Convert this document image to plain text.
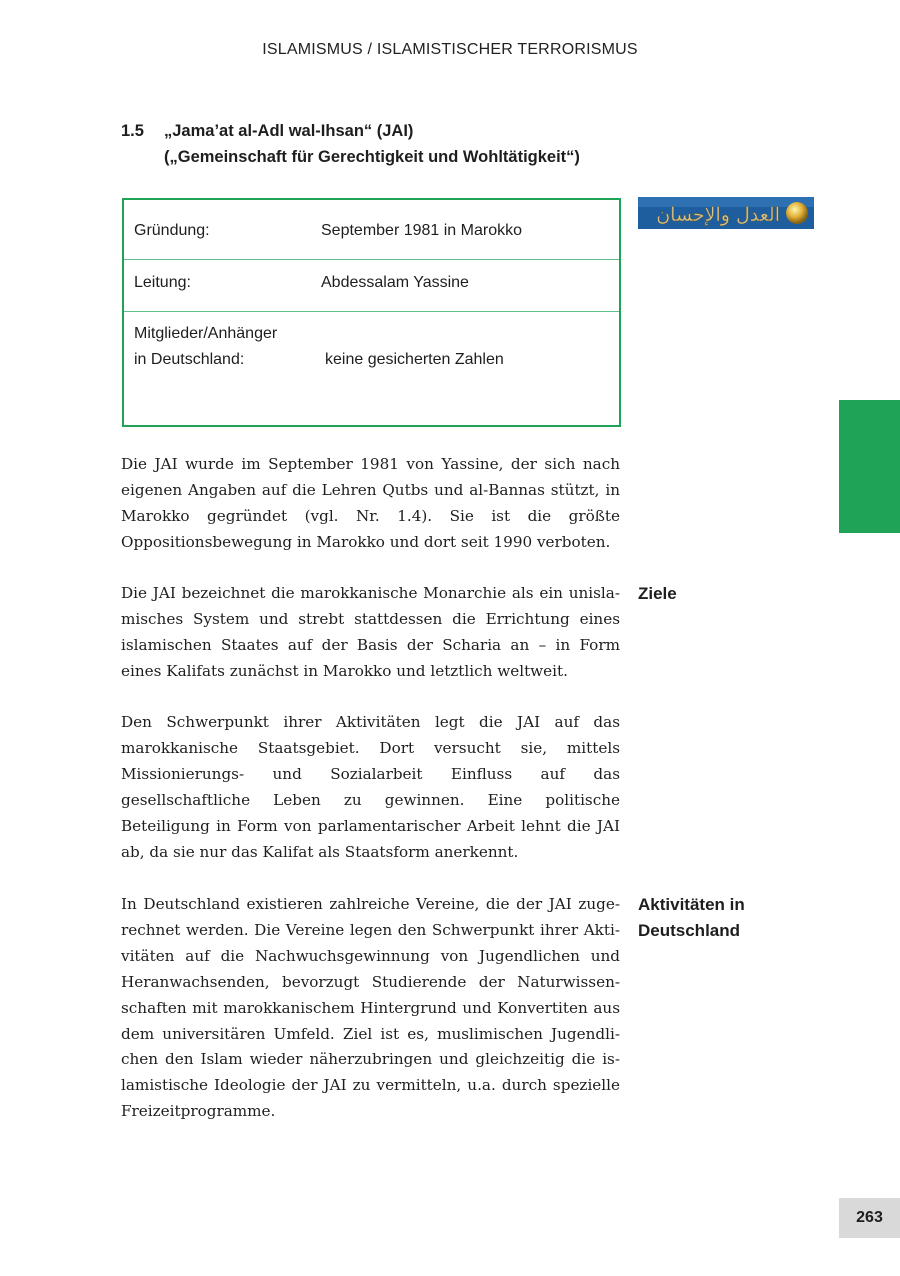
ISLAMISMUS / ISLAMISTISCHER TERRORISMUS
1.5	„Jama’at al-Adl wal-Ihsan“ (JAI)
(„Gemeinschaft für Gerechtigkeit und Wohltätigkeit“)
Gründung:	September 1981 in Marokko
Leitung:	Abdessalam Yassine
Mitglieder/Anhänger
in Deutschland:	keine gesicherten Zahlen
العدل والإحسان

Die JAI wurde im September 1981 von Yassine, der sich nach eigenen Angaben auf die Lehren Qutbs und al-Bannas stützt, in Marokko gegründet (vgl. Nr. 1.4). Sie ist die größte Oppositionsbewegung in Marokko und dort seit 1990 verboten.

Die JAI bezeichnet die marokkanische Monarchie als ein unislamisches System und strebt stattdessen die Errichtung eines islamischen Staates auf der Basis der Scharia an – in Form eines Kalifats zunächst in Marokko und letztlich weltweit.

Ziele

Den Schwerpunkt ihrer Aktivitäten legt die JAI auf das marokkanische Staatsgebiet. Dort versucht sie, mittels Missionierungs- und Sozialarbeit Einfluss auf das gesellschaftliche Leben zu gewinnen. Eine politische Beteiligung in Form von parlamentarischer Arbeit lehnt die JAI ab, da sie nur das Kalifat als Staatsform anerkennt.

In Deutschland existieren zahlreiche Vereine, die der JAI zugerechnet werden. Die Vereine legen den Schwerpunkt ihrer Aktivitäten auf die Nachwuchsgewinnung von Jugendlichen und Heranwachsenden, bevorzugt Studierende der Naturwissenschaften mit marokkanischem Hintergrund und Konvertiten aus dem universitären Umfeld. Ziel ist es, muslimischen Jugendlichen den Islam wieder näherzubringen und gleichzeitig die islamistische Ideologie der JAI zu vermitteln, u.a. durch spezielle Freizeitprogramme.

Aktivitäten in
Deutschland
263
